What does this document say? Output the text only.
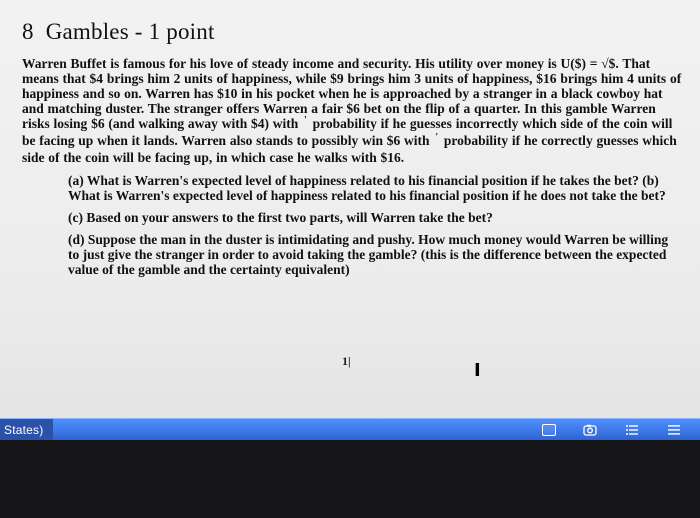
8 Gambles - 1 point

Warren Buffet is famous for his love of steady income and security. His utility over money is U($) = √$. That means that $4 brings him 2 units of happiness, while $9 brings him 3 units of happiness, $16 brings him 4 units of happiness and so on. Warren has $10 in his pocket when he is approached by a stranger in a black cowboy hat and matching duster. The stranger offers Warren a fair $6 bet on the flip of a quarter. In this gamble Warren risks losing $6 (and walking away with $4) with ' probability if he guesses incorrectly which side of the coin will be facing up when it lands. Warren also stands to possibly win $6 with ' probability if he correctly guesses which side of the coin will be facing up, in which case he walks with $16.

(a) What is Warren's expected level of happiness related to his financial position if he takes the bet? (b) What is Warren's expected level of happiness related to his financial position if he does not take the bet?
(c) Based on your answers to the first two parts, will Warren take the bet?
(d) Suppose the man in the duster is intimidating and pushy. How much money would Warren be willing to just give the stranger in order to avoid taking the gamble? (this is the difference between the expected value of the gamble and the certainty equivalent)
1|	I
States)
